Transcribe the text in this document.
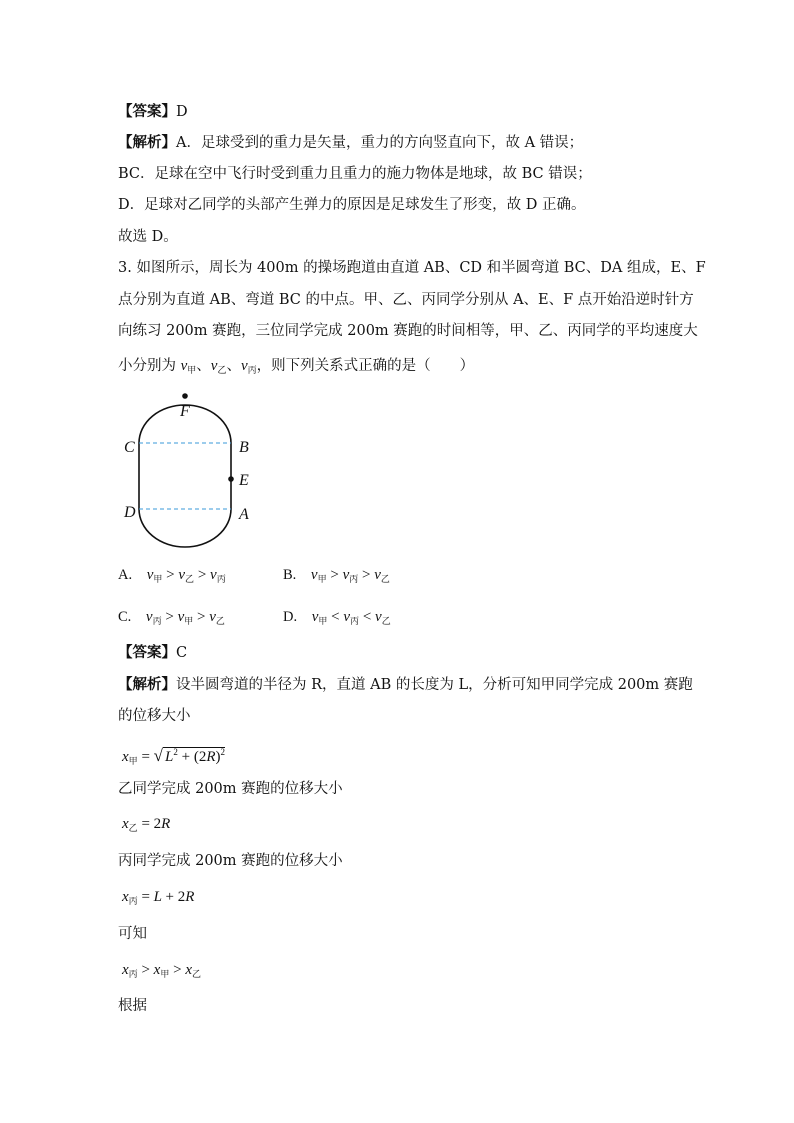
【答案】D
【解析】A．足球受到的重力是矢量，重力的方向竖直向下，故 A 错误；
BC．足球在空中飞行时受到重力且重力的施力物体是地球，故 BC 错误；
D．足球对乙同学的头部产生弹力的原因是足球发生了形变，故 D 正确。
故选 D。
3. 如图所示，周长为 400m 的操场跑道由直道 AB、CD 和半圆弯道 BC、DA 组成，E、F
点分别为直道 AB、弯道 BC 的中点。甲、乙、丙同学分别从 A、E、F 点开始沿逆时针方
向练习 200m 赛跑，三位同学完成 200m 赛跑的时间相等，甲、乙、丙同学的平均速度大
小分别为 $v_甲$、$v_乙$、$v_丙$，则下列关系式正确的是（　　）
F
C	B
E
D	A
A. $v_甲 > v_乙 > v_丙$	B. $v_甲 > v_丙 > v_乙$
C. $v_丙 > v_甲 > v_乙$	D. $v_甲 < v_丙 < v_乙$
【答案】C
【解析】设半圆弯道的半径为 R，直道 AB 的长度为 L，分析可知甲同学完成 200m 赛跑
的位移大小
$x_甲$ = √ $L^2 + (2R)^2$
乙同学完成 200m 赛跑的位移大小
$x_乙 = 2R$
丙同学完成 200m 赛跑的位移大小
$x_丙 = L + 2R$
可知
$x_丙 > x_甲 > x_乙$
根据
